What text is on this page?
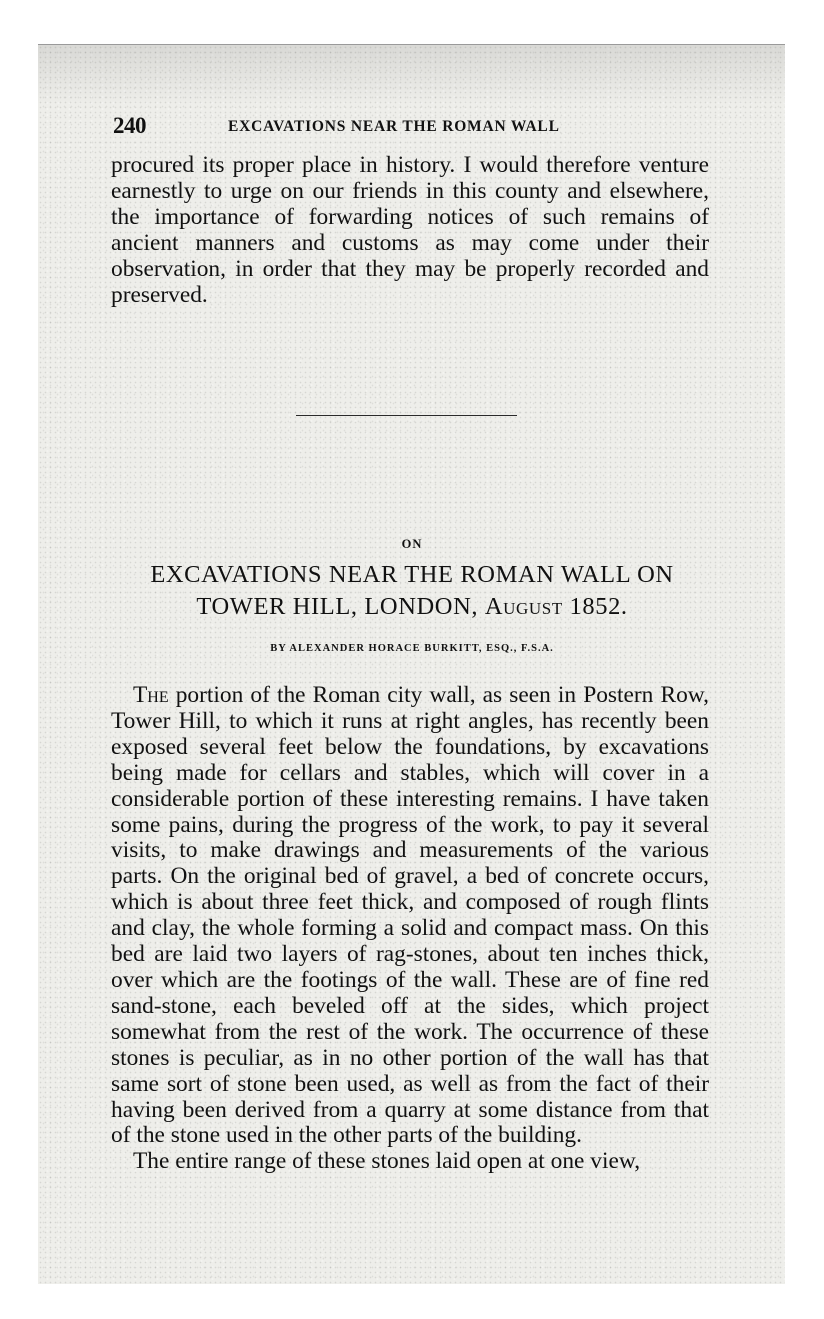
240	EXCAVATIONS NEAR THE ROMAN WALL

procured its proper place in history. I would therefore venture earnestly to urge on our friends in this county and elsewhere, the importance of forwarding notices of such remains of ancient manners and customs as may come under their observation, in order that they may be properly recorded and preserved.

ON
EXCAVATIONS NEAR THE ROMAN WALL ON
TOWER HILL, LONDON, August 1852.
BY ALEXANDER HORACE BURKITT, ESQ., F.S.A.

The portion of the Roman city wall, as seen in Postern Row, Tower Hill, to which it runs at right angles, has recently been exposed several feet below the foundations, by excavations being made for cellars and stables, which will cover in a considerable portion of these interesting remains. I have taken some pains, during the progress of the work, to pay it several visits, to make drawings and measurements of the various parts. On the original bed of gravel, a bed of concrete occurs, which is about three feet thick, and composed of rough flints and clay, the whole forming a solid and compact mass. On this bed are laid two layers of rag-stones, about ten inches thick, over which are the footings of the wall. These are of fine red sand-stone, each beveled off at the sides, which project somewhat from the rest of the work. The occurrence of these stones is peculiar, as in no other portion of the wall has that same sort of stone been used, as well as from the fact of their having been derived from a quarry at some distance from that of the stone used in the other parts of the building.

The entire range of these stones laid open at one view,
